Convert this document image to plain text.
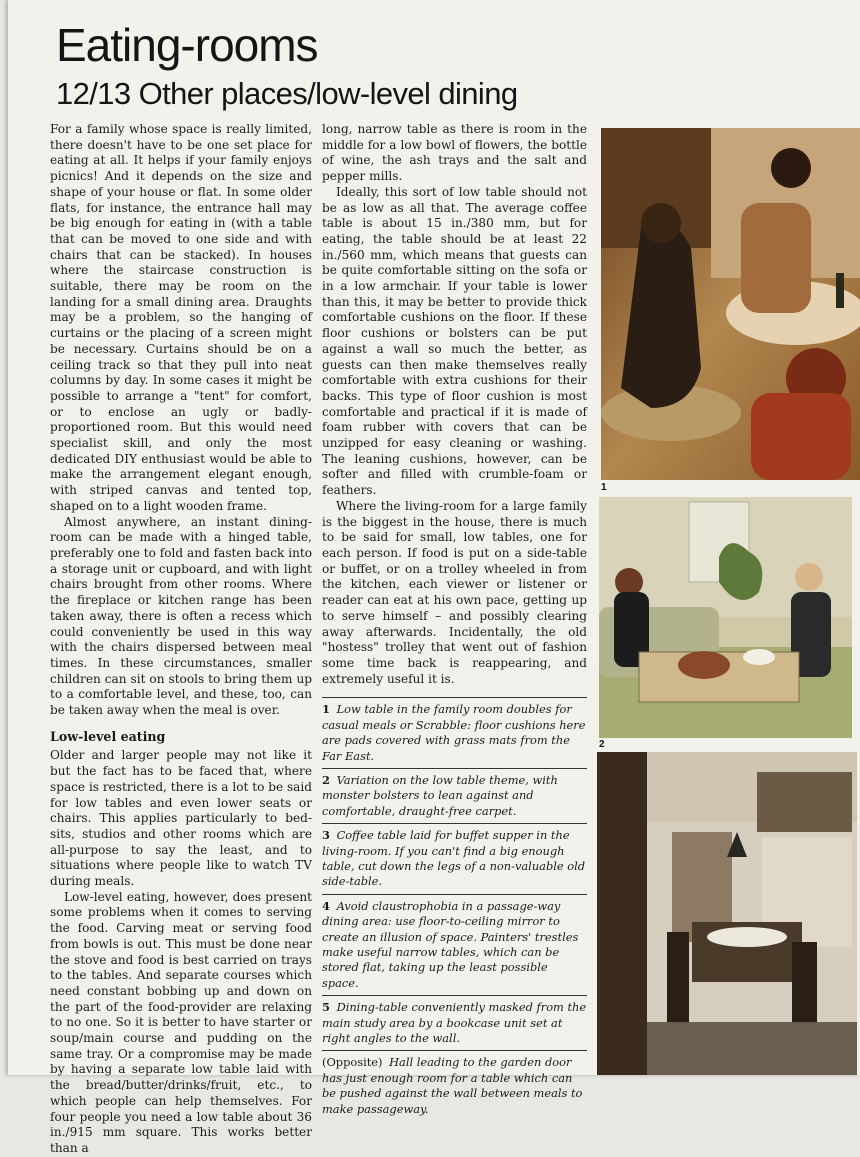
Eating-rooms
12/13 Other places/low-level dining

For a family whose space is really limited, there doesn't have to be one set place for eating at all. It helps if your family enjoys picnics! And it depends on the size and shape of your house or flat. In some older flats, for instance, the entrance hall may be big enough for eating in (with a table that can be moved to one side and with chairs that can be stacked). In houses where the staircase construction is suitable, there may be room on the landing for a small dining area. Draughts may be a problem, so the hanging of curtains or the placing of a screen might be necessary. Curtains should be on a ceiling track so that they pull into neat columns by day. In some cases it might be possible to arrange a "tent" for comfort, or to enclose an ugly or badly-proportioned room. But this would need specialist skill, and only the most dedicated DIY enthusiast would be able to make the arrangement elegant enough, with striped canvas and tented top, shaped on to a light wooden frame.

Almost anywhere, an instant dining-room can be made with a hinged table, preferably one to fold and fasten back into a storage unit or cupboard, and with light chairs brought from other rooms. Where the fireplace or kitchen range has been taken away, there is often a recess which could conveniently be used in this way with the chairs dispersed between meal times. In these circumstances, smaller children can sit on stools to bring them up to a comfortable level, and these, too, can be taken away when the meal is over.

Low-level eating

Older and larger people may not like it but the fact has to be faced that, where space is restricted, there is a lot to be said for low tables and even lower seats or chairs. This applies particularly to bed-sits, studios and other rooms which are all-purpose to say the least, and to situations where people like to watch TV during meals.

Low-level eating, however, does present some problems when it comes to serving the food. Carving meat or serving food from bowls is out. This must be done near the stove and food is best carried on trays to the tables. And separate courses which need constant bobbing up and down on the part of the food-provider are relaxing to no one. So it is better to have starter or soup/main course and pudding on the same tray. Or a compromise may be made by having a separate low table laid with the bread/butter/drinks/fruit, etc., to which people can help themselves. For four people you need a low table about 36 in./915 mm square. This works better than a

long, narrow table as there is room in the middle for a low bowl of flowers, the bottle of wine, the ash trays and the salt and pepper mills.

Ideally, this sort of low table should not be as low as all that. The average coffee table is about 15 in./380 mm, but for eating, the table should be at least 22 in./560 mm, which means that guests can be quite comfortable sitting on the sofa or in a low armchair. If your table is lower than this, it may be better to provide thick comfortable cushions on the floor. If these floor cushions or bolsters can be put against a wall so much the better, as guests can then make themselves really comfortable with extra cushions for their backs. This type of floor cushion is most comfortable and practical if it is made of foam rubber with covers that can be unzipped for easy cleaning or washing. The leaning cushions, however, can be softer and filled with crumble-foam or feathers.

Where the living-room for a large family is the biggest in the house, there is much to be said for small, low tables, one for each person. If food is put on a side-table or buffet, or on a trolley wheeled in from the kitchen, each viewer or listener or reader can eat at his own pace, getting up to serve himself – and possibly clearing away afterwards. Incidentally, the old "hostess" trolley that went out of fashion some time back is reappearing, and extremely useful it is.

1 Low table in the family room doubles for casual meals or Scrabble: floor cushions here are pads covered with grass mats from the Far East.
2 Variation on the low table theme, with monster bolsters to lean against and comfortable, draught-free carpet.
3 Coffee table laid for buffet supper in the living-room. If you can't find a big enough table, cut down the legs of a non-valuable old side-table.
4 Avoid claustrophobia in a passage-way dining area: use floor-to-ceiling mirror to create an illusion of space. Painters' trestles make useful narrow tables, which can be stored flat, taking up the least possible space.
5 Dining-table conveniently masked from the main study area by a bookcase unit set at right angles to the wall.
(Opposite) Hall leading to the garden door has just enough room for a table which can be pushed against the wall between meals to make passageway.
1
2
